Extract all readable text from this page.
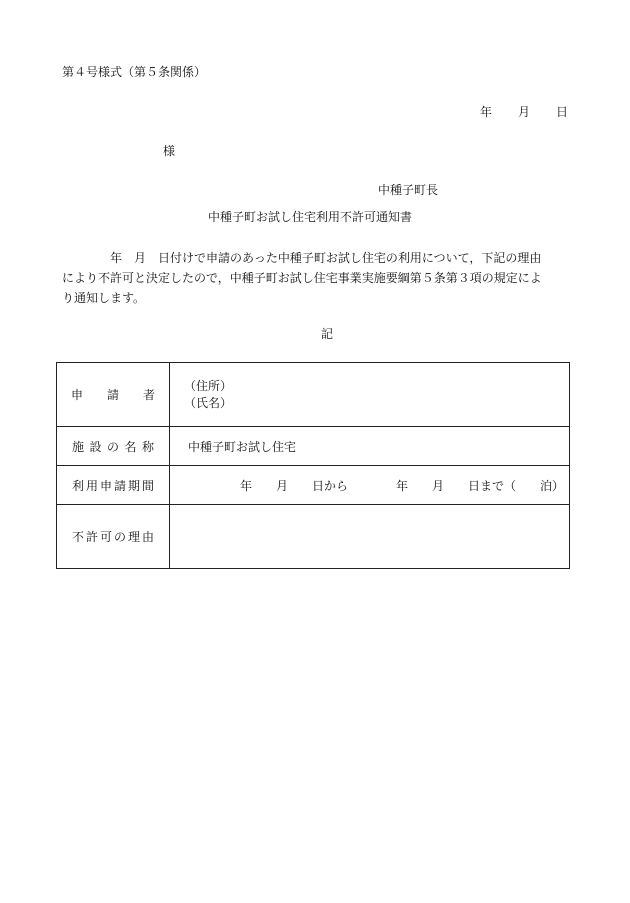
第４号様式（第５条関係）
年 月 日
様
中種子町長
中種子町お試し住宅利用不許可通知書

　　　　年　月　日付けで申請のあった中種子町お試し住宅の利用について，下記の理由

により不許可と決定したので，中種子町お試し住宅事業実施要綱第５条第３項の規定によ

り通知します。

記
申　　請　　者	（住所）
（氏名）

施設の名称	中種子町お試し住宅
利用申請期間	年　　月　　日から　　　　年　　月　　日まで（　　泊）
不許可の理由	
